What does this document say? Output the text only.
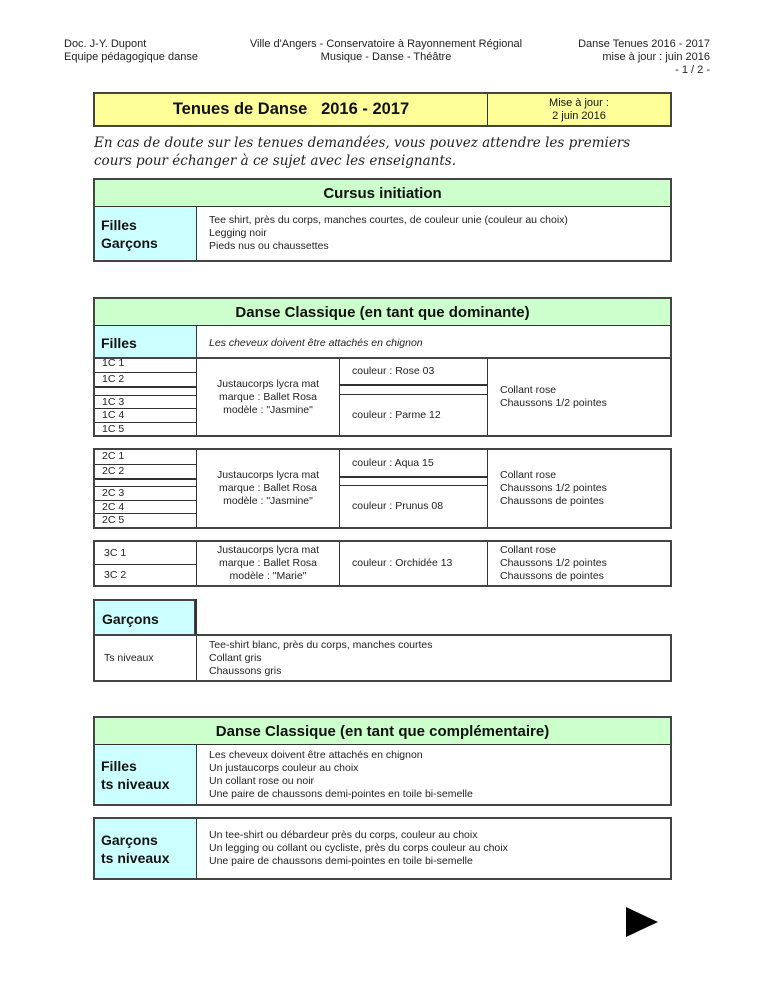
Doc. J-Y. Dupont
Equipe pédagogique danse
Ville d'Angers - Conservatoire à Rayonnement Régional
Musique - Danse - Théâtre
Danse Tenues 2016 - 2017
mise à jour : juin 2016
- 1 / 2 -
Tenues de Danse   2016 - 2017	Mise à jour :
2 juin 2016
En cas de doute sur les tenues demandées, vous pouvez attendre les premiers
cours pour échanger à ce sujet avec les enseignants.
Cursus initiation
Filles
Garçons
Tee shirt, près du corps, manches courtes, de couleur unie (couleur au choix)
Legging noir
Pieds nus ou chaussettes
Danse Classique (en tant que dominante)
Filles	Les cheveux doivent être attachés en chignon
1C 1
1C 2
1C 3
1C 4
1C 5
Justaucorps lycra mat
marque : Ballet Rosa
modèle : "Jasmine"
couleur : Rose 03
couleur : Parme 12
Collant rose
Chaussons 1/2 pointes
2C 1
2C 2
2C 3
2C 4
2C 5
Justaucorps lycra mat
marque : Ballet Rosa
modèle : "Jasmine"
couleur : Aqua 15
couleur : Prunus 08
Collant rose
Chaussons 1/2 pointes
Chaussons de pointes
3C 1
3C 2
Justaucorps lycra mat
marque : Ballet Rosa
modèle : "Marie"
couleur : Orchidée 13
Collant rose
Chaussons 1/2 pointes
Chaussons de pointes
Garçons
Ts niveaux
Tee-shirt blanc, près du corps, manches courtes
Collant gris
Chaussons gris
Danse Classique (en tant que complémentaire)
Filles
ts niveaux
Les cheveux doivent être attachés en chignon
Un justaucorps couleur au choix
Un collant rose ou noir
Une paire de chaussons demi-pointes en toile bi-semelle
Garçons
ts niveaux
Un tee-shirt ou débardeur près du corps, couleur au choix
Un legging ou collant ou cycliste, près du corps couleur au choix
Une paire de chaussons demi-pointes en toile bi-semelle
